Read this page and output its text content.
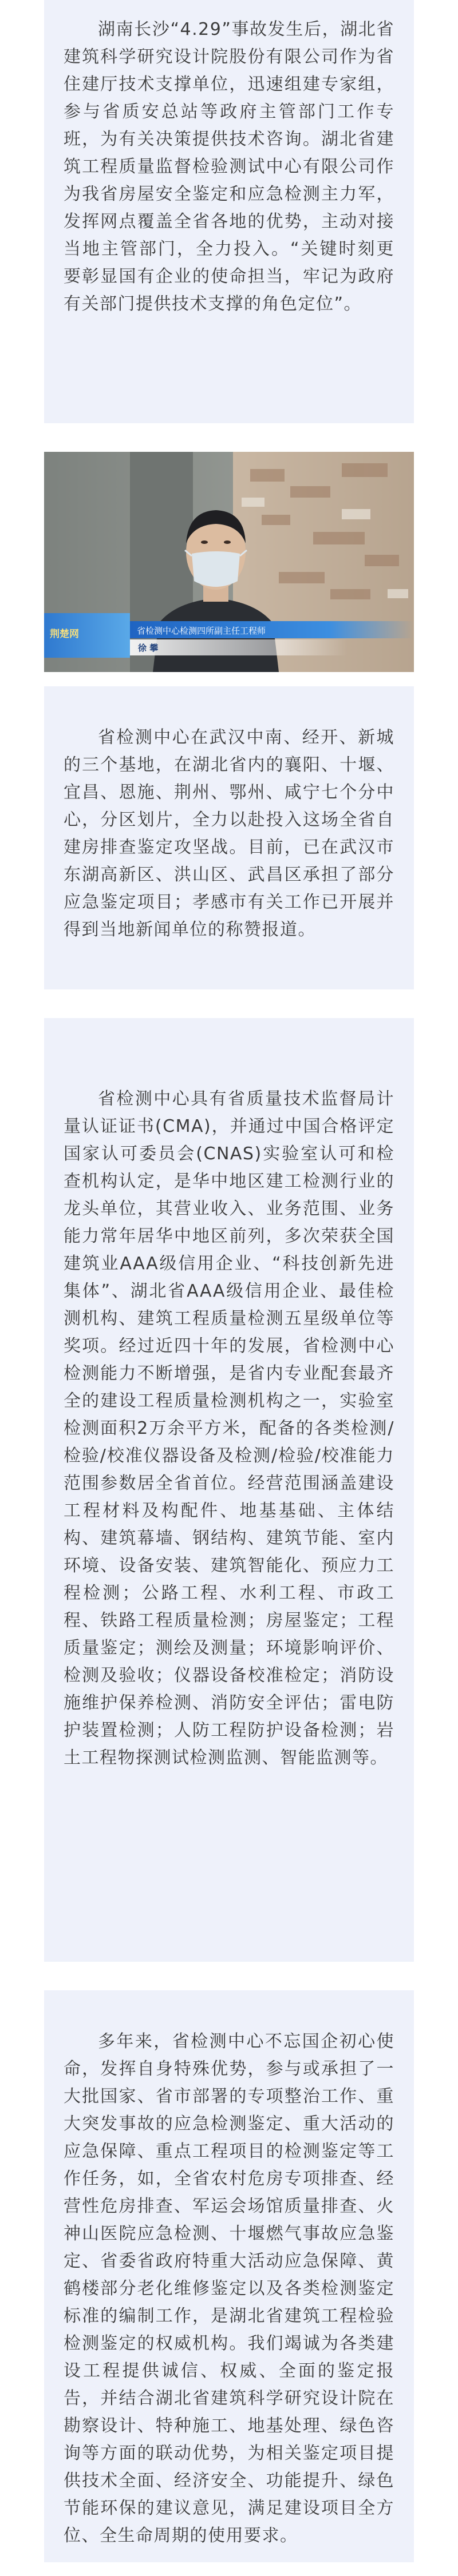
湖南长沙“4.29”事故发生后，湖北省建筑科学研究设计院股份有限公司作为省住建厅技术支撑单位，迅速组建专家组，参与省质安总站等政府主管部门工作专班，为有关决策提供技术咨询。湖北省建筑工程质量监督检验测试中心有限公司作为我省房屋安全鉴定和应急检测主力军，发挥网点覆盖全省各地的优势，主动对接当地主管部门，全力投入。“关键时刻更要彰显国有企业的使命担当，牢记为政府有关部门提供技术支撑的角色定位”。

荆楚网	省检测中心检测四所副主任工程师
徐 攀

省检测中心在武汉中南、经开、新城的三个基地，在湖北省内的襄阳、十堰、宜昌、恩施、荆州、鄂州、咸宁七个分中心，分区划片，全力以赴投入这场全省自建房排查鉴定攻坚战。目前，已在武汉市东湖高新区、洪山区、武昌区承担了部分应急鉴定项目；孝感市有关工作已开展并得到当地新闻单位的称赞报道。

省检测中心具有省质量技术监督局计量认证证书(CMA)，并通过中国合格评定国家认可委员会(CNAS)实验室认可和检查机构认定，是华中地区建工检测行业的龙头单位，其营业收入、业务范围、业务能力常年居华中地区前列，多次荣获全国建筑业AAA级信用企业、“科技创新先进集体”、湖北省AAA级信用企业、最佳检测机构、建筑工程质量检测五星级单位等奖项。经过近四十年的发展，省检测中心检测能力不断增强，是省内专业配套最齐全的建设工程质量检测机构之一，实验室检测面积2万余平方米，配备的各类检测/检验/校准仪器设备及检测/检验/校准能力范围参数居全省首位。经营范围涵盖建设工程材料及构配件、地基基础、主体结构、建筑幕墙、钢结构、建筑节能、室内环境、设备安装、建筑智能化、预应力工程检测；公路工程、水利工程、市政工程、铁路工程质量检测；房屋鉴定；工程质量鉴定；测绘及测量；环境影响评价、检测及验收；仪器设备校准检定；消防设施维护保养检测、消防安全评估；雷电防护装置检测；人防工程防护设备检测；岩土工程物探测试检测监测、智能监测等。

多年来，省检测中心不忘国企初心使命，发挥自身特殊优势，参与或承担了一大批国家、省市部署的专项整治工作、重大突发事故的应急检测鉴定、重大活动的应急保障、重点工程项目的检测鉴定等工作任务，如，全省农村危房专项排查、经营性危房排查、军运会场馆质量排查、火神山医院应急检测、十堰燃气事故应急鉴定、省委省政府特重大活动应急保障、黄鹤楼部分老化维修鉴定以及各类检测鉴定标准的编制工作，是湖北省建筑工程检验检测鉴定的权威机构。我们竭诚为各类建设工程提供诚信、权威、全面的鉴定报告，并结合湖北省建筑科学研究设计院在勘察设计、特种施工、地基处理、绿色咨询等方面的联动优势，为相关鉴定项目提供技术全面、经济安全、功能提升、绿色节能环保的建议意见，满足建设项目全方位、全生命周期的使用要求。
